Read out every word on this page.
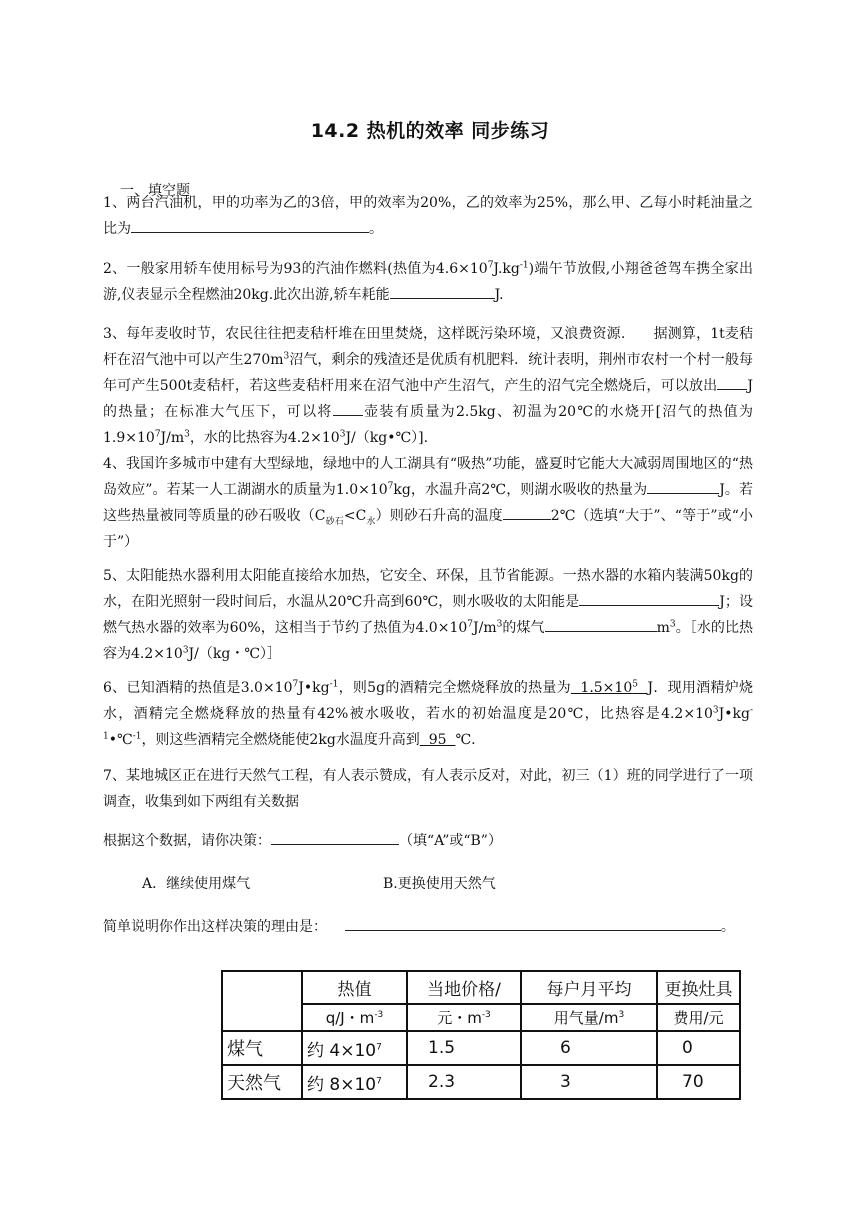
14.2 热机的效率 同步练习
一、填空题
1、两台汽油机，甲的功率为乙的3倍，甲的效率为20%，乙的效率为25%，那么甲、乙每小时耗油量之比为	。
2、一般家用轿车使用标号为93的汽油作燃料(热值为$4.6\times 10^7J.kg^{-1}$)端午节放假,小翔爸爸驾车携全家出游,仪表显示全程燃油20kg.此次出游,轿车耗能	J.
3、每年麦收时节，农民往往把麦秸杆堆在田里焚烧，这样既污染环境，又浪费资源.　　据测算，1t麦秸杆在沼气池中可以产生$270m^3$沼气，剩余的残渣还是优质有机肥料．统计表明，荆州市农村一个村一般每年可产生500t麦秸杆，若这些麦秸杆用来在沼气池中产生沼气，产生的沼气完全燃烧后，可以放出 J的热量；在标准大气压下，可以将 壶装有质量为2.5kg、初温为20℃的水烧开[沼气的热值为$1.9\times 10^7J/m^3$，水的比热容为$4.2\times 10^3J/(kg•℃)$].
4、我国许多城市中建有大型绿地，绿地中的人工湖具有“吸热”功能，盛夏时它能大大减弱周围地区的“热岛效应”。若某一人工湖湖水的质量为$1.0\times 10^7kg$，水温升高2℃，则湖水吸收的热量为	J。若这些热量被同等质量的砂石吸收$(C_{砂石}<C_水)$则砂石升高的温度	2℃（选填“大于”、“等于”或“小于”）
5、太阳能热水器利用太阳能直接给水加热，它安全、环保，且节省能源。一热水器的水箱内装满50kg的水，在阳光照射一段时间后，水温从20℃升高到60℃，则水吸收的太阳能是	J；设燃气热水器的效率为60%，这相当于节约了热值为$4.0\times 10^7J/m^3$的煤气	$m^3$。［水的比热容为$4.2\times 10^3J/(kg$・℃）］
6、已知酒精的热值是$3.0\times 10^7J•kg^{-1}$，则5g的酒精完全燃烧释放的热量为 $1.5\times 10^5$ J．现用酒精炉烧水，酒精完全燃烧释放的热量有42%被水吸收，若水的初始温度是20℃，比热容是$4.2\times 10^3J•kg^{-1}•℃^{-1}$，则这些酒精完全燃烧能使2kg水温度升高到 95 ℃.
7、某地城区正在进行天然气工程，有人表示赞成，有人表示反对，对此，初三（1）班的同学进行了一项调查，收集到如下两组有关数据
根据这个数据，请你决策：	（填“A”或“B”）
A．继续使用煤气	B.更换使用天然气
简单说明你作出这样决策的理由是：	。
	热值	当地价格/	每户月平均	更换灶具
	q/J・$m^{-3}$	元・$m^{-3}$	用气量$/m^3$	费用/元
煤气	约 $4\times 10^7$	1.5	6	0
天然气	约 $8\times 10^7$	2.3	3	70
